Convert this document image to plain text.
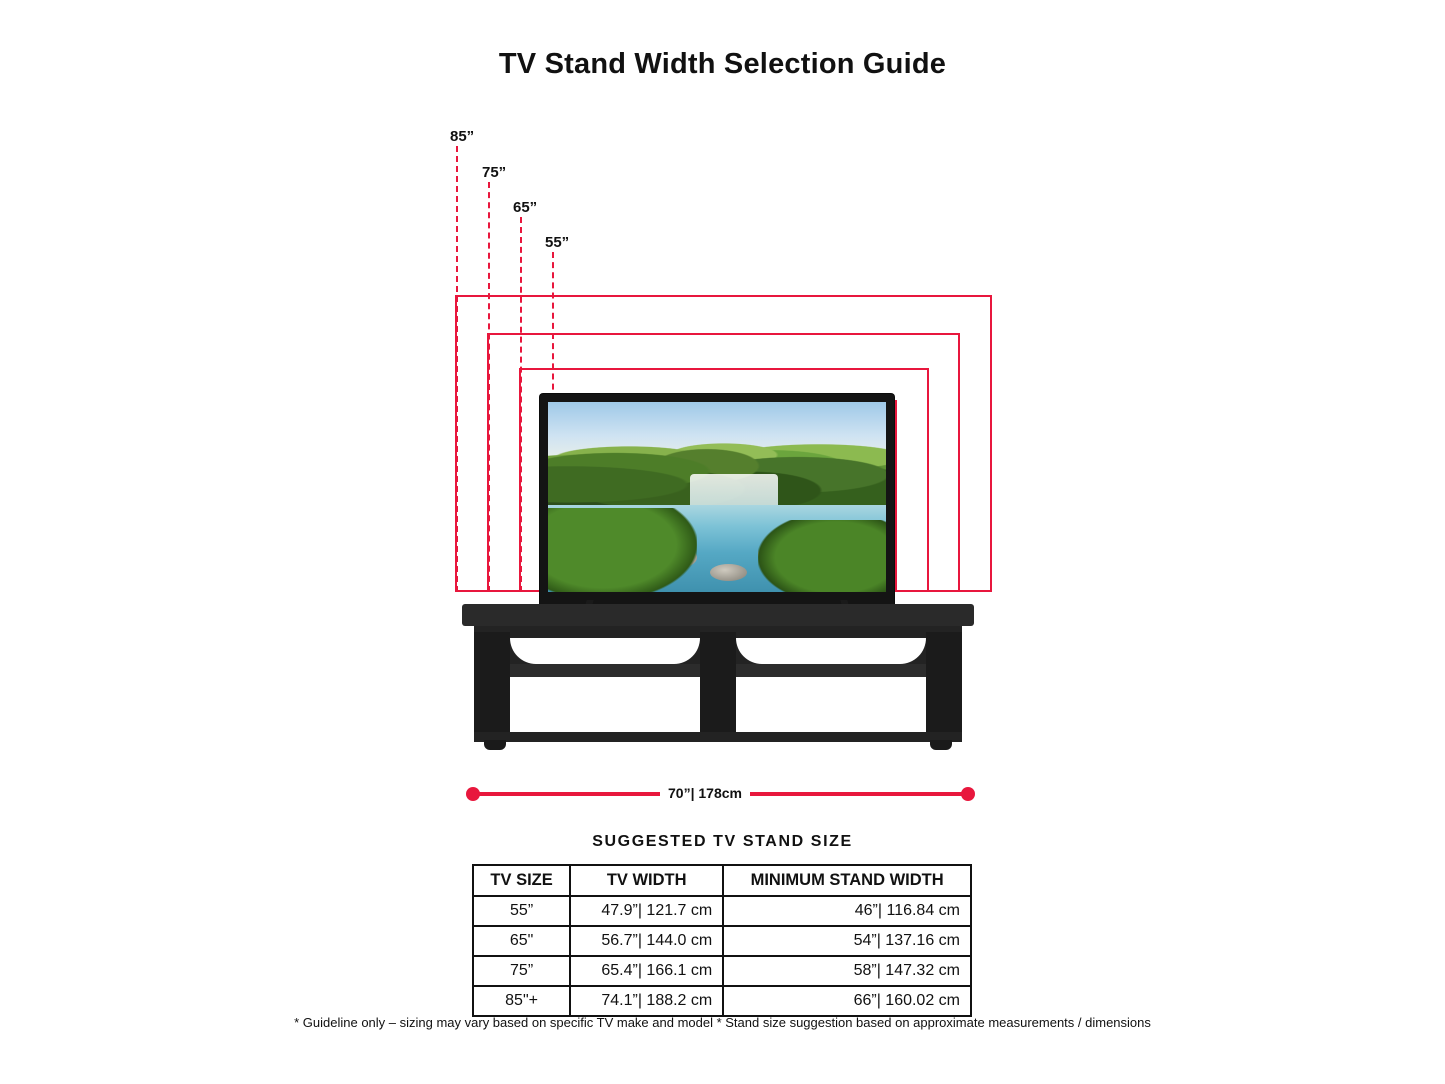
TV Stand Width Selection Guide
85”
75”
65”
55”
70”| 178cm
SUGGESTED TV STAND SIZE
TV SIZE	TV WIDTH	MINIMUM STAND WIDTH
55”	47.9”| 121.7 cm	46”| 116.84 cm
65"	56.7”| 144.0 cm	54”| 137.16 cm
75”	65.4”| 166.1 cm	58”| 147.32 cm
85"+	74.1”| 188.2 cm	66”| 160.02 cm
* Guideline only – sizing may vary based on specific TV make and model * Stand size suggestion based on approximate measurements / dimensions
